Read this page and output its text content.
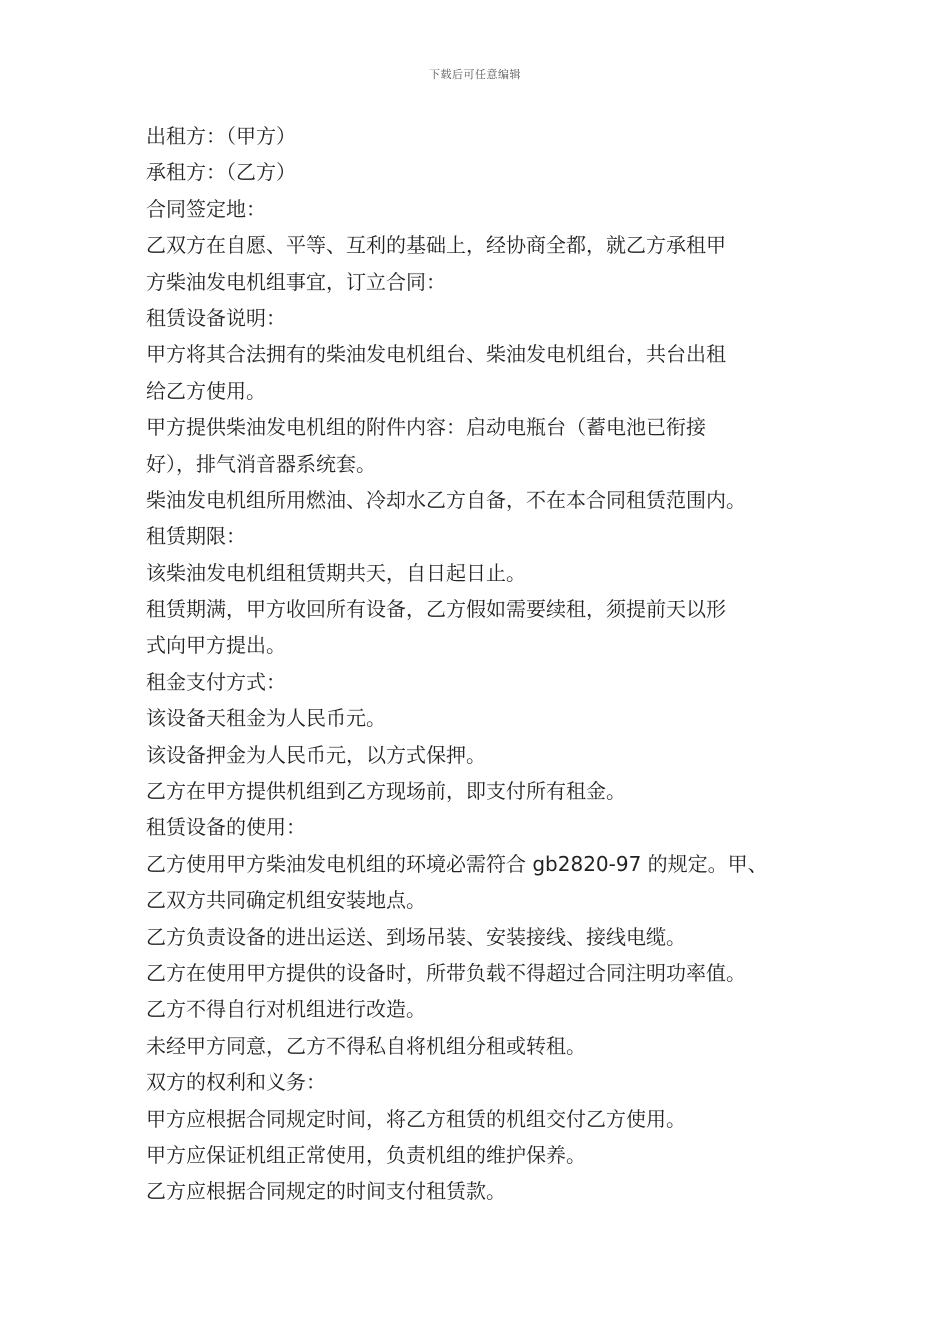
下载后可任意编辑
出租方：（甲方）
承租方：（乙方）
合同签定地：
乙双方在自愿、平等、互利的基础上，经协商全都，就乙方承租甲
方柴油发电机组事宜，订立合同：
租赁设备说明：
甲方将其合法拥有的柴油发电机组台、柴油发电机组台，共台出租
给乙方使用。
甲方提供柴油发电机组的附件内容：启动电瓶台（蓄电池已衔接
好），排气消音器系统套。
柴油发电机组所用燃油、冷却水乙方自备，不在本合同租赁范围内。
租赁期限：
该柴油发电机组租赁期共天，自日起日止。
租赁期满，甲方收回所有设备，乙方假如需要续租，须提前天以形
式向甲方提出。
租金支付方式：
该设备天租金为人民币元。
该设备押金为人民币元，以方式保押。
乙方在甲方提供机组到乙方现场前，即支付所有租金。
租赁设备的使用：
乙方使用甲方柴油发电机组的环境必需符合 gb2820-97 的规定。甲、
乙双方共同确定机组安装地点。
乙方负责设备的进出运送、到场吊装、安装接线、接线电缆。
乙方在使用甲方提供的设备时，所带负载不得超过合同注明功率值。
乙方不得自行对机组进行改造。
未经甲方同意，乙方不得私自将机组分租或转租。
双方的权利和义务：
甲方应根据合同规定时间，将乙方租赁的机组交付乙方使用。
甲方应保证机组正常使用，负责机组的维护保养。
乙方应根据合同规定的时间支付租赁款。
